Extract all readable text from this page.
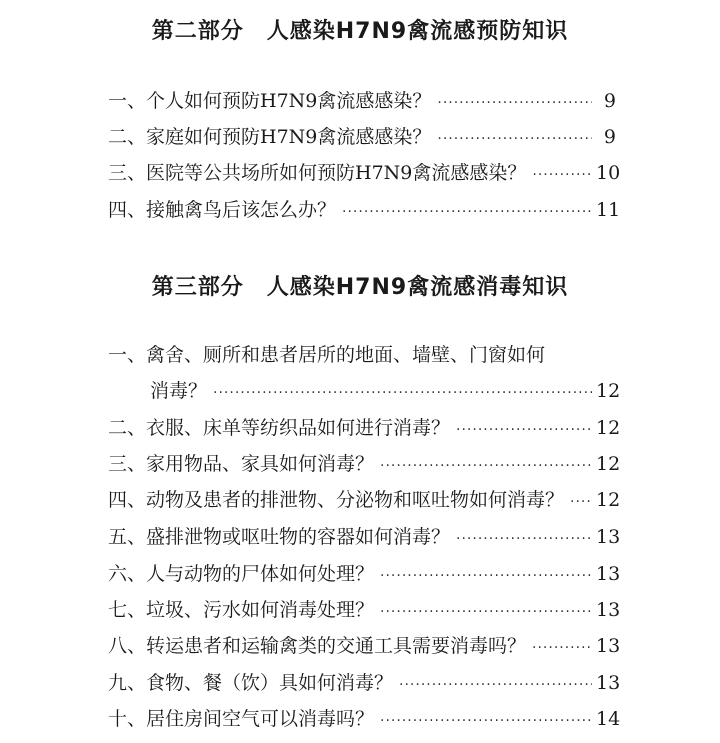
第二部分　人感染H7N9禽流感预防知识
一、个人如何预防H7N9禽流感感染？ ·····	9
二、家庭如何预防H7N9禽流感感染？ ·····	9
三、医院等公共场所如何预防H7N9禽流感感染？ ·····	10
四、接触禽鸟后该怎么办？ ·····	11
第三部分　人感染H7N9禽流感消毒知识
一、禽舍、厕所和患者居所的地面、墙壁、门窗如何
消毒？ ·····	12
二、衣服、床单等纺织品如何进行消毒？ ·····	12
三、家用物品、家具如何消毒？ ·····	12
四、动物及患者的排泄物、分泌物和呕吐物如何消毒？ ····· 12
五、盛排泄物或呕吐物的容器如何消毒？ ·····	13
六、人与动物的尸体如何处理？ ·····	13
七、垃圾、污水如何消毒处理？ ·····	13
八、转运患者和运输禽类的交通工具需要消毒吗？ ·····	13
九、食物、餐（饮）具如何消毒？ ·····	13
十、居住房间空气可以消毒吗？ ·····	14
